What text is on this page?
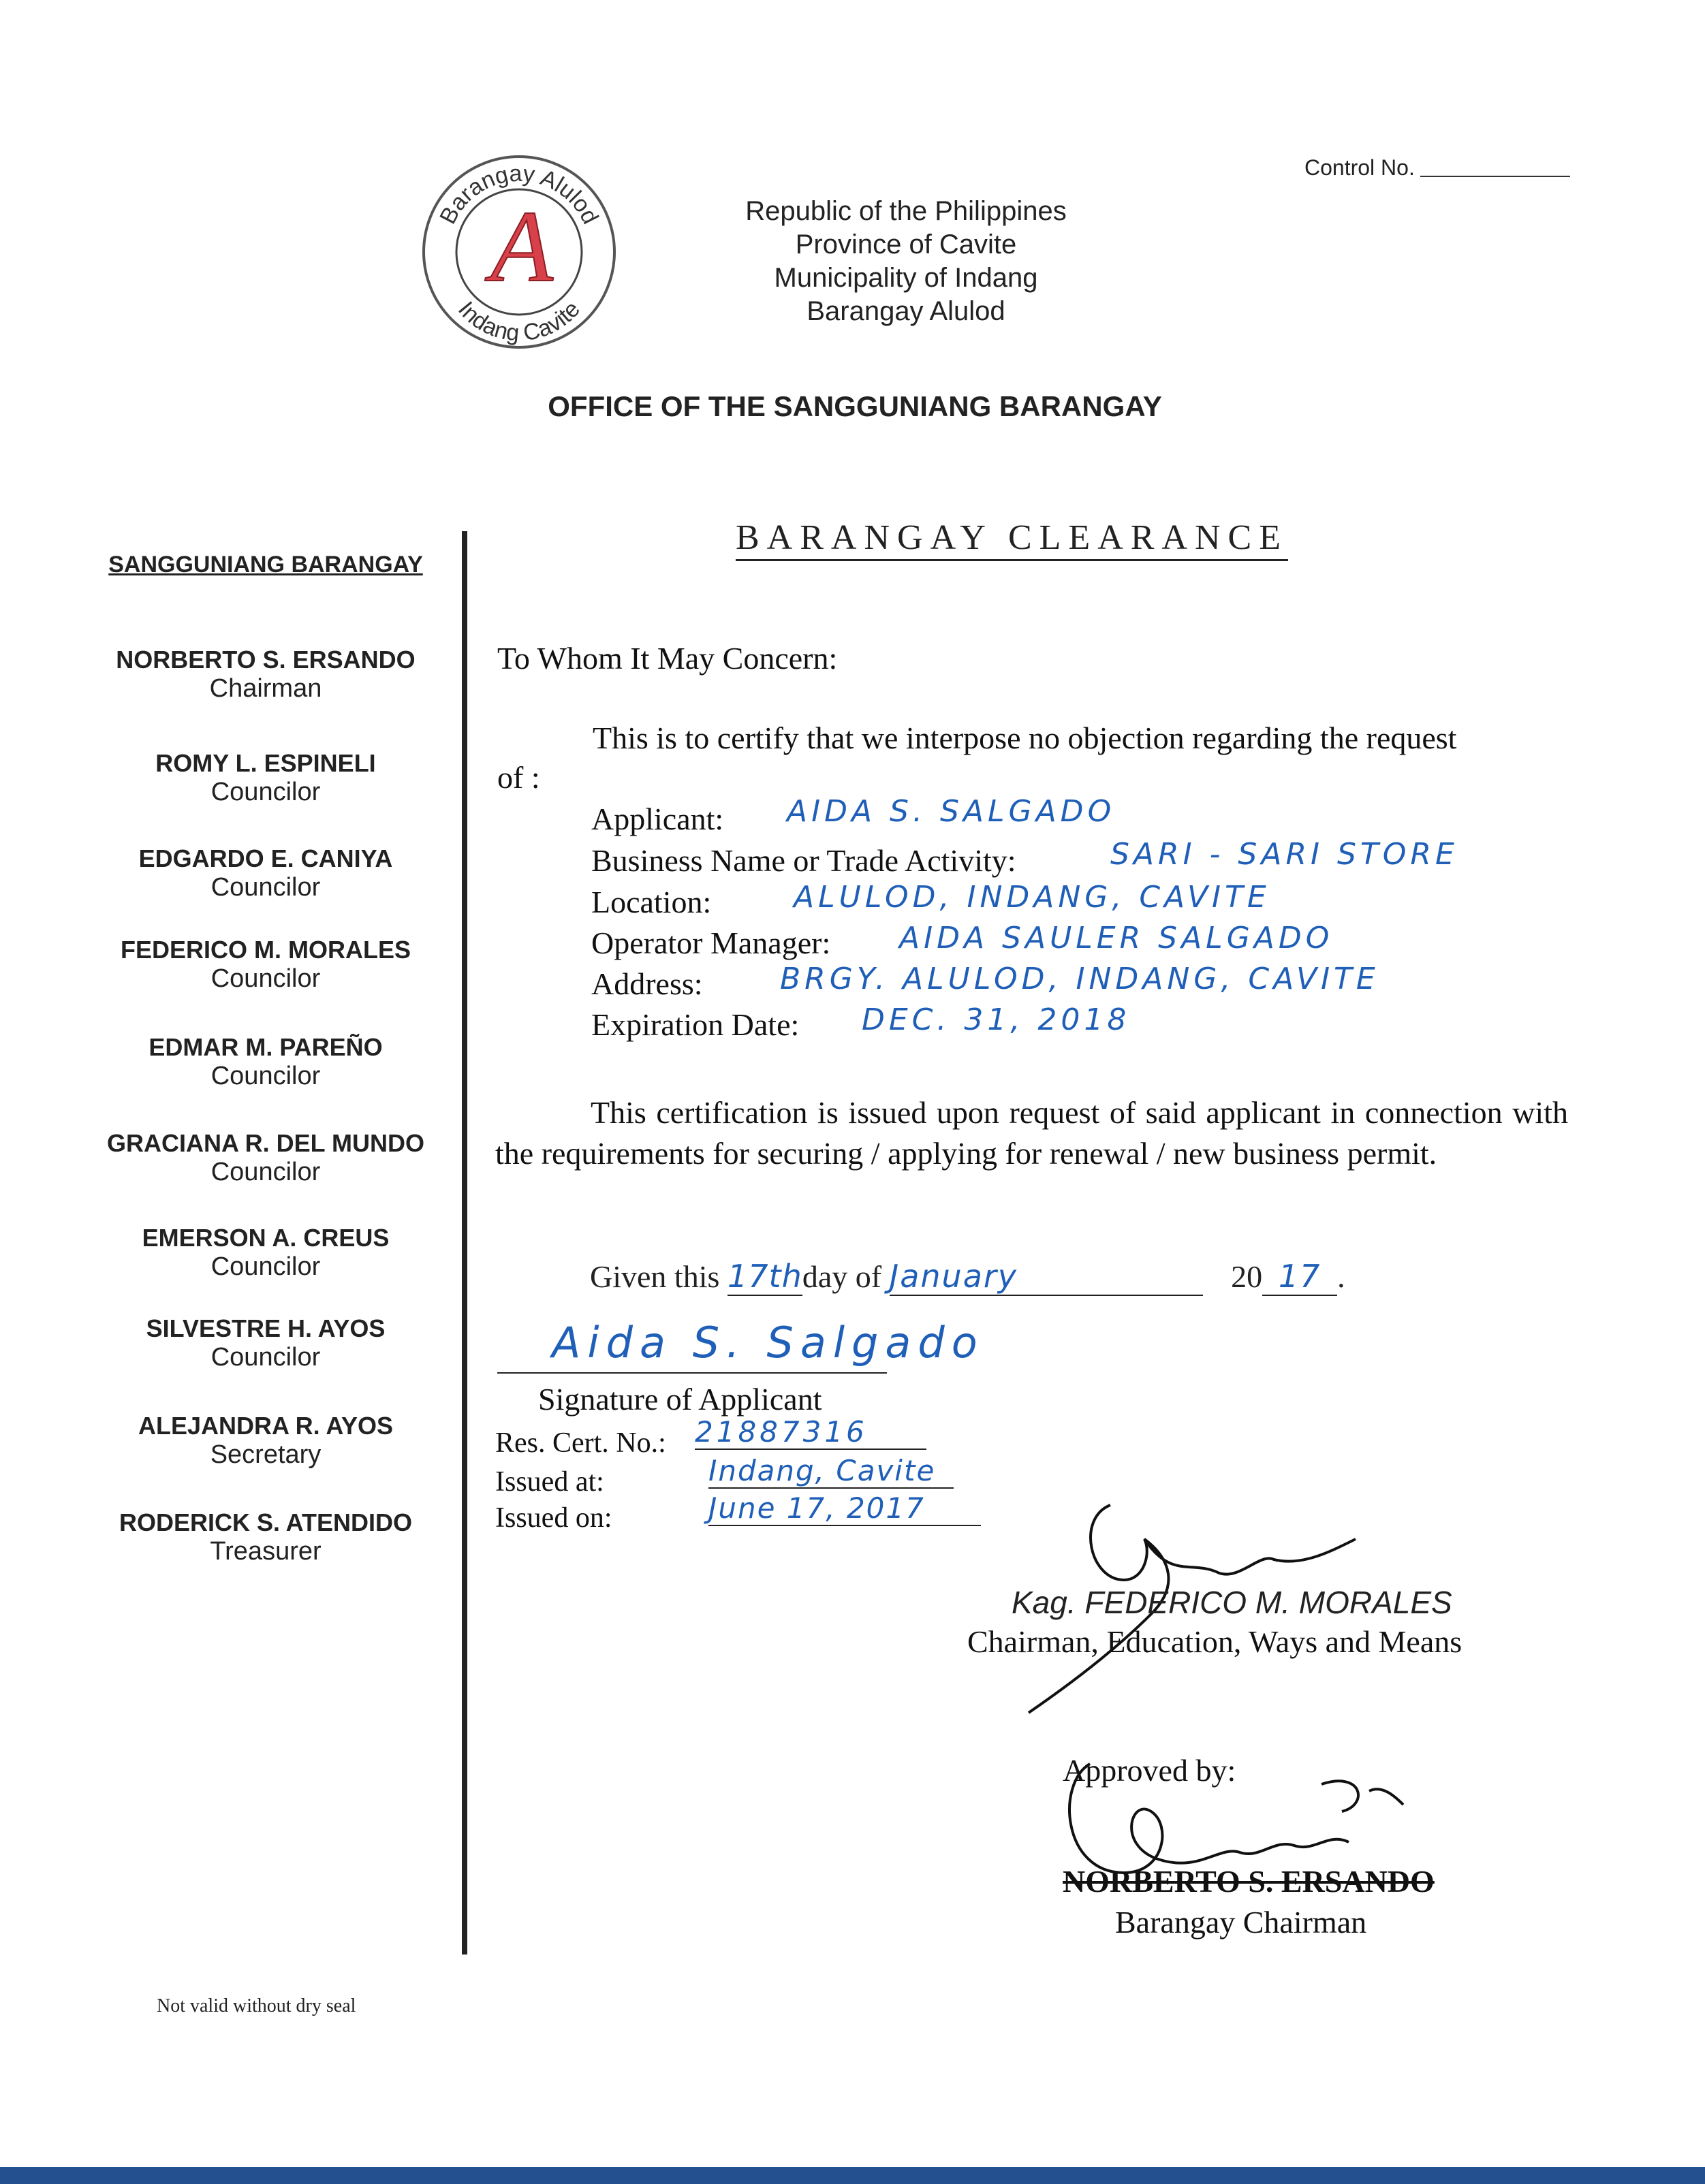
Control No.
Barangay Alulod
Indang Cavite
A	Republic of the Philippines
Province of Cavite
Municipality of Indang
Barangay Alulod
OFFICE OF THE SANGGUNIANG BARANGAY
BARANGAY CLEARANCE
SANGGUNIANG BARANGAY
NORBERTO S. ERSANDO
Chairman
ROMY L. ESPINELI
Councilor
EDGARDO E. CANIYA
Councilor
FEDERICO M. MORALES
Councilor
EDMAR M. PAREÑO
Councilor
GRACIANA R. DEL MUNDO
Councilor
EMERSON A. CREUS
Councilor
SILVESTRE H. AYOS
Councilor
ALEJANDRA R. AYOS
Secretary
RODERICK S. ATENDIDO
Treasurer
Not valid without dry seal
To Whom It May Concern:
This is to certify that we interpose no objection regarding the request
of :
Applicant: AIDA S. SALGADO
Business Name or Trade Activity:	SARI - SARI STORE
Location:	ALULOD, INDANG, CAVITE
Operator Manager: AIDA SAULER SALGADO
Address:	BRGY. ALULOD, INDANG, CAVITE
Expiration Date: DEC. 31, 2018
This certification is issued upon request of said applicant in connection with the requirements for securing / applying for renewal / new business permit.
Given this 17thday of January	20 17 .
Aida S. Salgado
Signature of Applicant
Res. Cert. No.: 21887316
Issued at:	Indang, Cavite
Issued on:	June 17, 2017
Kag. FEDERICO M. MORALES
Chairman, Education, Ways and Means
Approved by:
NORBERTO S. ERSANDO
Barangay Chairman
